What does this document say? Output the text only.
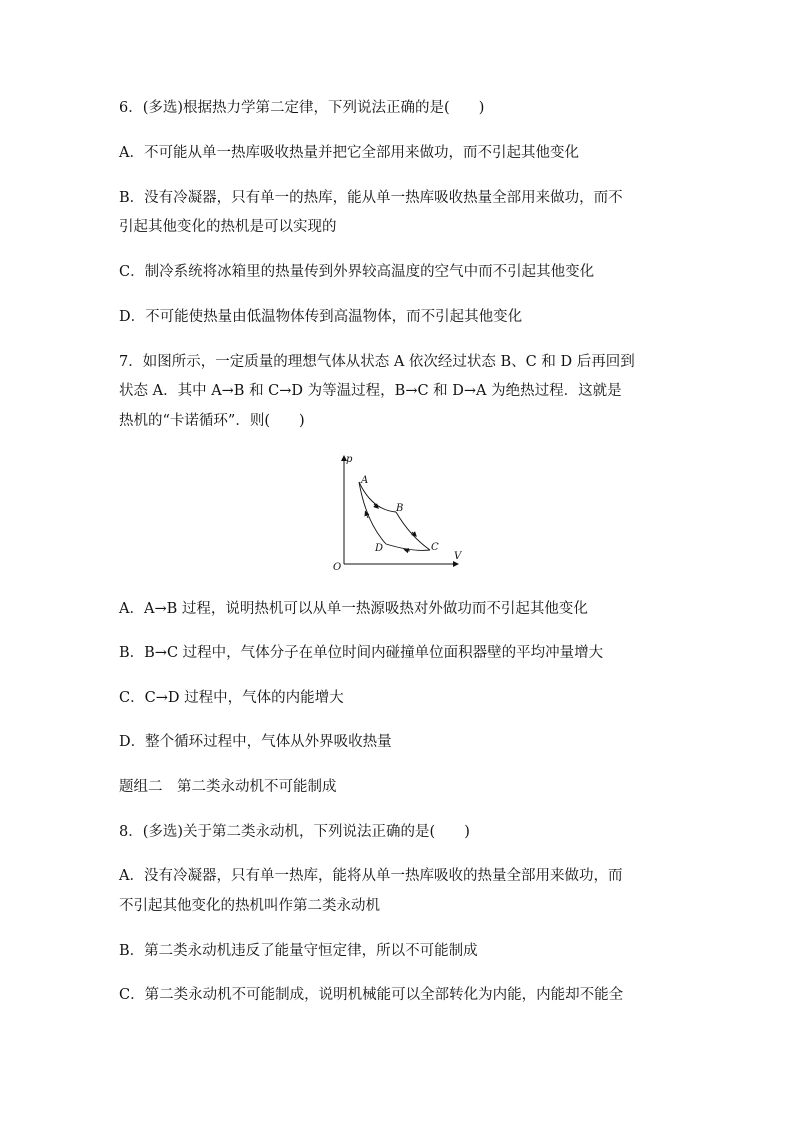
6．(多选)根据热力学第二定律，下列说法正确的是(　　)
A．不可能从单一热库吸收热量并把它全部用来做功，而不引起其他变化
B．没有冷凝器，只有单一的热库，能从单一热库吸收热量全部用来做功，而不
引起其他变化的热机是可以实现的
C．制冷系统将冰箱里的热量传到外界较高温度的空气中而不引起其他变化
D．不可能使热量由低温物体传到高温物体，而不引起其他变化
7．如图所示，一定质量的理想气体从状态 A 依次经过状态 B、C 和 D 后再回到
状态 A．其中 A→B 和 C→D 为等温过程，B→C 和 D→A 为绝热过程．这就是
热机的“卡诺循环”．则(　　)
p
V
O
A
B
C
D
A．A→B 过程，说明热机可以从单一热源吸热对外做功而不引起其他变化
B．B→C 过程中，气体分子在单位时间内碰撞单位面积器壁的平均冲量增大
C．C→D 过程中，气体的内能增大
D．整个循环过程中，气体从外界吸收热量
题组二　第二类永动机不可能制成
8．(多选)关于第二类永动机，下列说法正确的是(　　)
A．没有冷凝器，只有单一热库，能将从单一热库吸收的热量全部用来做功，而
不引起其他变化的热机叫作第二类永动机
B．第二类永动机违反了能量守恒定律，所以不可能制成
C．第二类永动机不可能制成，说明机械能可以全部转化为内能，内能却不能全
